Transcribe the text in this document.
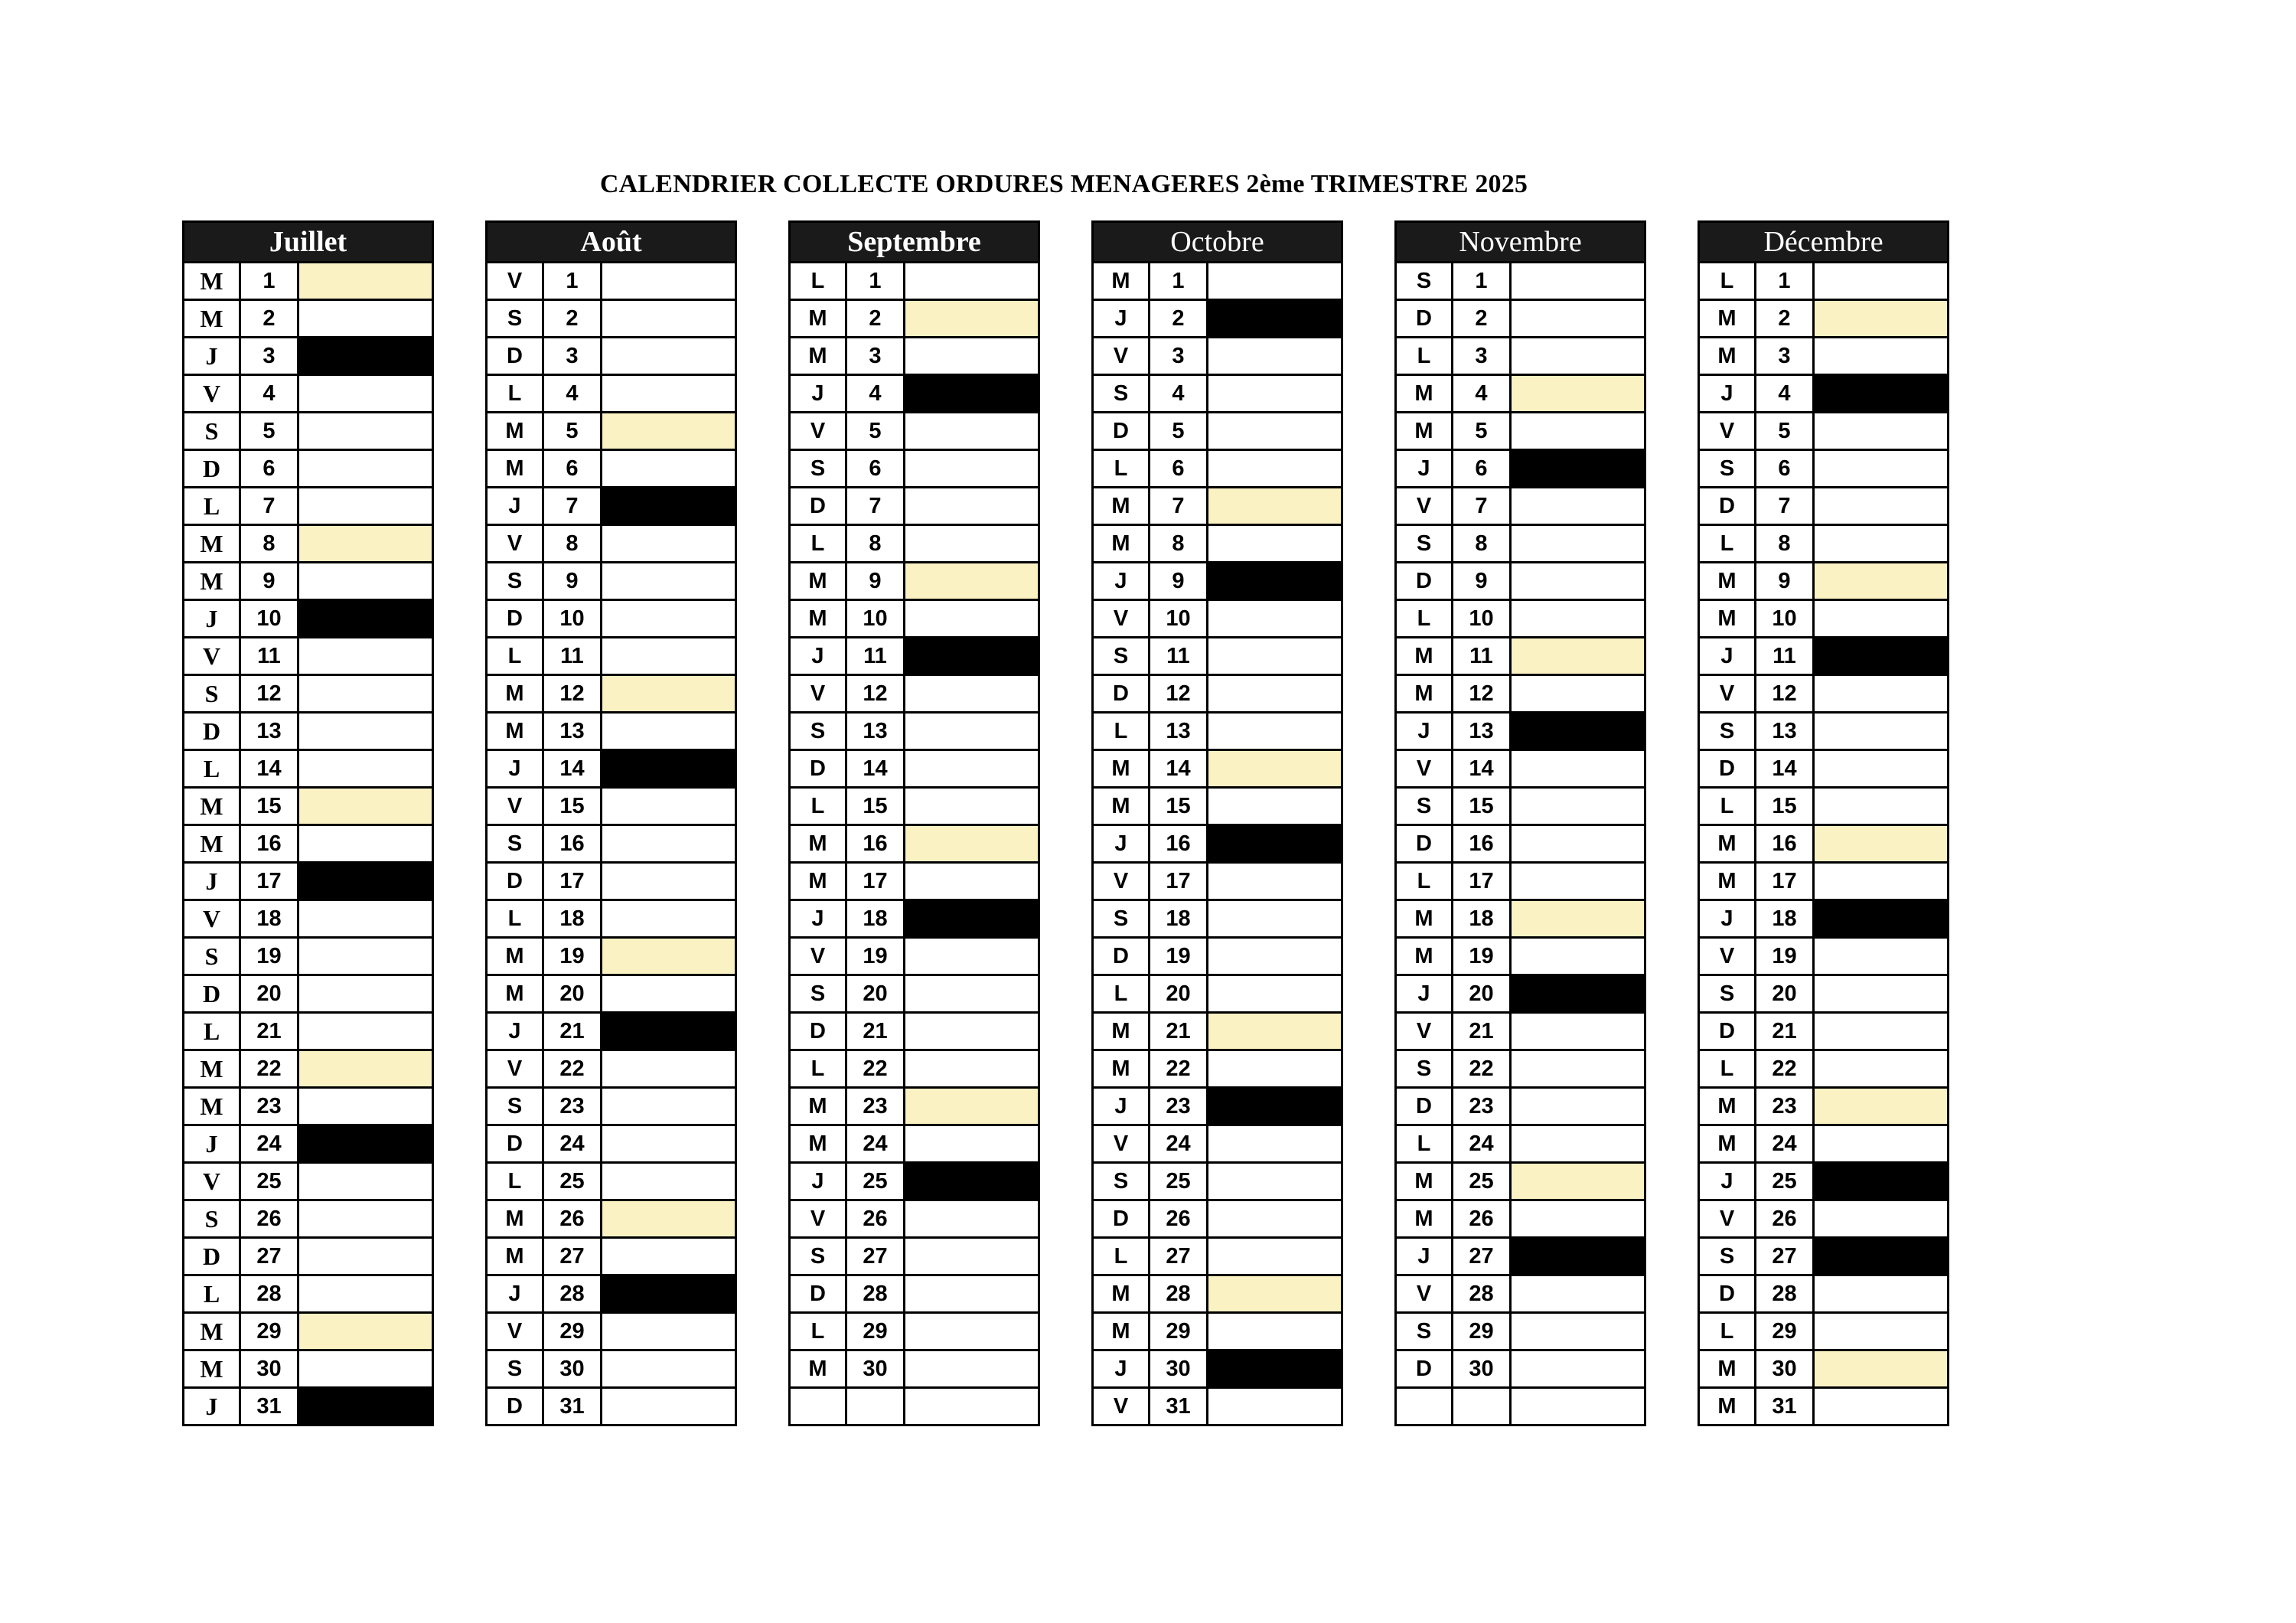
CALENDRIER COLLECTE ORDURES MENAGERES 2ème TRIMESTRE 2025
Juillet		
M	1	
M	2	
J	3	
V	4	
S	5	
D	6	
L	7	
M	8	
M	9	
J	10	
V	11	
S	12	
D	13	
L	14	
M	15	
M	16	
J	17	
V	18	
S	19	
D	20	
L	21	
M	22	
M	23	
J	24	
V	25	
S	26	
D	27	
L	28	
M	29	
M	30	
J	31	
Août		
V	1	
S	2	
D	3	
L	4	
M	5	
M	6	
J	7	
V	8	
S	9	
D	10	
L	11	
M	12	
M	13	
J	14	
V	15	
S	16	
D	17	
L	18	
M	19	
M	20	
J	21	
V	22	
S	23	
D	24	
L	25	
M	26	
M	27	
J	28	
V	29	
S	30	
D	31	
Septembre		
L	1	
M	2	
M	3	
J	4	
V	5	
S	6	
D	7	
L	8	
M	9	
M	10	
J	11	
V	12	
S	13	
D	14	
L	15	
M	16	
M	17	
J	18	
V	19	
S	20	
D	21	
L	22	
M	23	
M	24	
J	25	
V	26	
S	27	
D	28	
L	29	
M	30	

Octobre		
M	1	
J	2	
V	3	
S	4	
D	5	
L	6	
M	7	
M	8	
J	9	
V	10	
S	11	
D	12	
L	13	
M	14	
M	15	
J	16	
V	17	
S	18	
D	19	
L	20	
M	21	
M	22	
J	23	
V	24	
S	25	
D	26	
L	27	
M	28	
M	29	
J	30	
V	31	
Novembre		
S	1	
D	2	
L	3	
M	4	
M	5	
J	6	
V	7	
S	8	
D	9	
L	10	
M	11	
M	12	
J	13	
V	14	
S	15	
D	16	
L	17	
M	18	
M	19	
J	20	
V	21	
S	22	
D	23	
L	24	
M	25	
M	26	
J	27	
V	28	
S	29	
D	30	

Décembre		
L	1	
M	2	
M	3	
J	4	
V	5	
S	6	
D	7	
L	8	
M	9	
M	10	
J	11	
V	12	
S	13	
D	14	
L	15	
M	16	
M	17	
J	18	
V	19	
S	20	
D	21	
L	22	
M	23	
M	24	
J	25	
V	26	
S	27	
D	28	
L	29	
M	30	
M	31	
